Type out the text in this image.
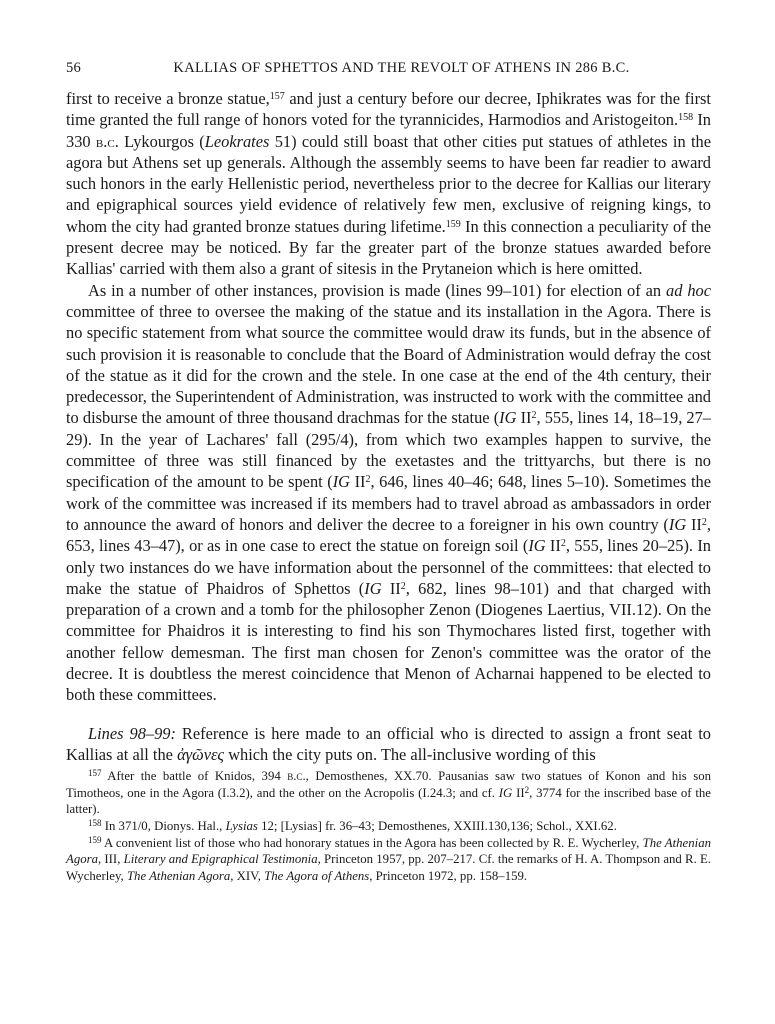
56	KALLIAS OF SPHETTOS AND THE REVOLT OF ATHENS IN 286 B.C.

first to receive a bronze statue,$^{157}$ and just a century before our decree, Iphikrates was for the first time granted the full range of honors voted for the tyrannicides, Harmodios and Aristogeiton.$^{158}$ In 330 b.c. Lykourgos (Leokrates 51) could still boast that other cities put statues of athletes in the agora but Athens set up generals. Although the assembly seems to have been far readier to award such honors in the early Hellenistic period, nevertheless prior to the decree for Kallias our literary and epigraphical sources yield evidence of relatively few men, exclusive of reigning kings, to whom the city had granted bronze statues during lifetime.$^{159}$ In this connection a peculiarity of the present decree may be noticed. By far the greater part of the bronze statues awarded before Kallias' carried with them also a grant of sitesis in the Prytaneion which is here omitted.

As in a number of other instances, provision is made (lines 99–101) for election of an ad hoc committee of three to oversee the making of the statue and its installation in the Agora. There is no specific statement from what source the committee would draw its funds, but in the absence of such provision it is reasonable to conclude that the Board of Administration would defray the cost of the statue as it did for the crown and the stele. In one case at the end of the 4th century, their predecessor, the Superintendent of Administration, was instructed to work with the committee and to disburse the amount of three thousand drachmas for the statue (IG $II^2$, 555, lines 14, 18–19, 27–29). In the year of Lachares' fall (295/4), from which two examples happen to survive, the committee of three was still financed by the exetastes and the trittyarchs, but there is no specification of the amount to be spent (IG $II^2$, 646, lines 40–46; 648, lines 5–10). Sometimes the work of the committee was increased if its members had to travel abroad as ambassadors in order to announce the award of honors and deliver the decree to a foreigner in his own country (IG $II^2$, 653, lines 43–47), or as in one case to erect the statue on foreign soil (IG $II^2$, 555, lines 20–25). In only two instances do we have information about the personnel of the committees: that elected to make the statue of Phaidros of Sphettos (IG $II^2$, 682, lines 98–101) and that charged with preparation of a crown and a tomb for the philosopher Zenon (Diogenes Laertius, VII.12). On the committee for Phaidros it is interesting to find his son Thymochares listed first, together with another fellow demesman. The first man chosen for Zenon's committee was the orator of the decree. It is doubtless the merest coincidence that Menon of Acharnai happened to be elected to both these committees.

Lines 98–99: Reference is here made to an official who is directed to assign a front seat to Kallias at all the ἀγῶνες which the city puts on. The all-inclusive wording of this

$^{157}$ After the battle of Knidos, 394 b.c., Demosthenes, XX.70. Pausanias saw two statues of Konon and his son Timotheos, one in the Agora (I.3.2), and the other on the Acropolis (I.24.3; and cf. IG $II^2$, 3774 for the inscribed base of the latter).

$^{158}$ In 371/0, Dionys. Hal., Lysias 12; [Lysias] fr. 36–43; Demosthenes, XXIII.130,136; Schol., XXI.62.

$^{159}$ A convenient list of those who had honorary statues in the Agora has been collected by R. E. Wycherley, The Athenian Agora, III, Literary and Epigraphical Testimonia, Princeton 1957, pp. 207–217. Cf. the remarks of H. A. Thompson and R. E. Wycherley, The Athenian Agora, XIV, The Agora of Athens, Princeton 1972, pp. 158–159.
